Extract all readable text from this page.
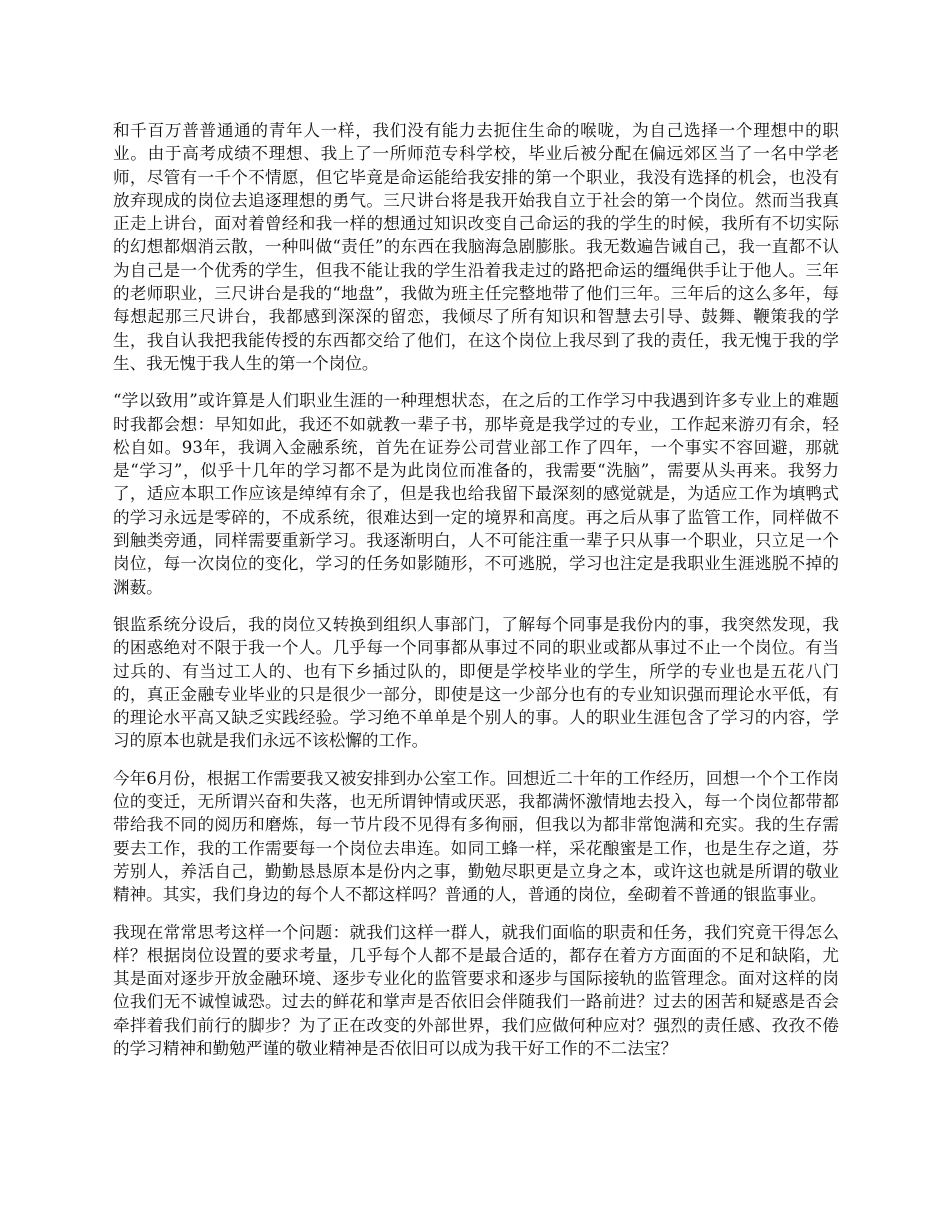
和千百万普普通通的青年人一样，我们没有能力去扼住生命的喉咙，为自己选择一个理想中的职业。由于高考成绩不理想、我上了一所师范专科学校，毕业后被分配在偏远郊区当了一名中学老师，尽管有一千个不情愿，但它毕竟是命运能给我安排的第一个职业，我没有选择的机会，也没有放弃现成的岗位去追逐理想的勇气。三尺讲台将是我开始我自立于社会的第一个岗位。然而当我真正走上讲台，面对着曾经和我一样的想通过知识改变自己命运的我的学生的时候，我所有不切实际的幻想都烟消云散，一种叫做“责任”的东西在我脑海急剧膨胀。我无数遍告诫自己，我一直都不认为自己是一个优秀的学生，但我不能让我的学生沿着我走过的路把命运的缰绳供手让于他人。三年的老师职业，三尺讲台是我的“地盘”，我做为班主任完整地带了他们三年。三年后的这么多年，每每想起那三尺讲台，我都感到深深的留恋，我倾尽了所有知识和智慧去引导、鼓舞、鞭策我的学生，我自认我把我能传授的东西都交给了他们，在这个岗位上我尽到了我的责任，我无愧于我的学生、我无愧于我人生的第一个岗位。

“学以致用”或许算是人们职业生涯的一种理想状态，在之后的工作学习中我遇到许多专业上的难题时我都会想：早知如此，我还不如就教一辈子书，那毕竟是我学过的专业，工作起来游刃有余，轻松自如。93年，我调入金融系统，首先在证券公司营业部工作了四年，一个事实不容回避，那就是“学习”，似乎十几年的学习都不是为此岗位而准备的，我需要“洗脑”，需要从头再来。我努力了，适应本职工作应该是绰绰有余了，但是我也给我留下最深刻的感觉就是，为适应工作为填鸭式的学习永远是零碎的，不成系统，很难达到一定的境界和高度。再之后从事了监管工作，同样做不到触类旁通，同样需要重新学习。我逐渐明白，人不可能注重一辈子只从事一个职业，只立足一个岗位，每一次岗位的变化，学习的任务如影随形，不可逃脱，学习也注定是我职业生涯逃脱不掉的渊薮。

银监系统分设后，我的岗位又转换到组织人事部门，了解每个同事是我份内的事，我突然发现，我的困惑绝对不限于我一个人。几乎每一个同事都从事过不同的职业或都从事过不止一个岗位。有当过兵的、有当过工人的、也有下乡插过队的，即便是学校毕业的学生，所学的专业也是五花八门的，真正金融专业毕业的只是很少一部分，即使是这一少部分也有的专业知识强而理论水平低，有的理论水平高又缺乏实践经验。学习绝不单单是个别人的事。人的职业生涯包含了学习的内容，学习的原本也就是我们永远不该松懈的工作。

今年6月份，根据工作需要我又被安排到办公室工作。回想近二十年的工作经历，回想一个个工作岗位的变迁，无所谓兴奋和失落，也无所谓钟情或厌恶，我都满怀激情地去投入，每一个岗位都带都带给我不同的阅历和磨炼，每一节片段不见得有多徇丽，但我以为都非常饱满和充实。我的生存需要去工作，我的工作需要每一个岗位去串连。如同工蜂一样，采花酿蜜是工作，也是生存之道，芬芳别人，养活自己，勤勤恳恳原本是份内之事，勤勉尽职更是立身之本，或许这也就是所谓的敬业精神。其实，我们身边的每个人不都这样吗？普通的人，普通的岗位，垒砌着不普通的银监事业。

我现在常常思考这样一个问题：就我们这样一群人，就我们面临的职责和任务，我们究竟干得怎么样？根据岗位设置的要求考量，几乎每个人都不是最合适的，都存在着方方面面的不足和缺陷，尤其是面对逐步开放金融环境、逐步专业化的监管要求和逐步与国际接轨的监管理念。面对这样的岗位我们无不诚惶诚恐。过去的鲜花和掌声是否依旧会伴随我们一路前进？过去的困苦和疑惑是否会牵拌着我们前行的脚步？为了正在改变的外部世界，我们应做何种应对？强烈的责任感、孜孜不倦的学习精神和勤勉严谨的敬业精神是否依旧可以成为我干好工作的不二法宝？
